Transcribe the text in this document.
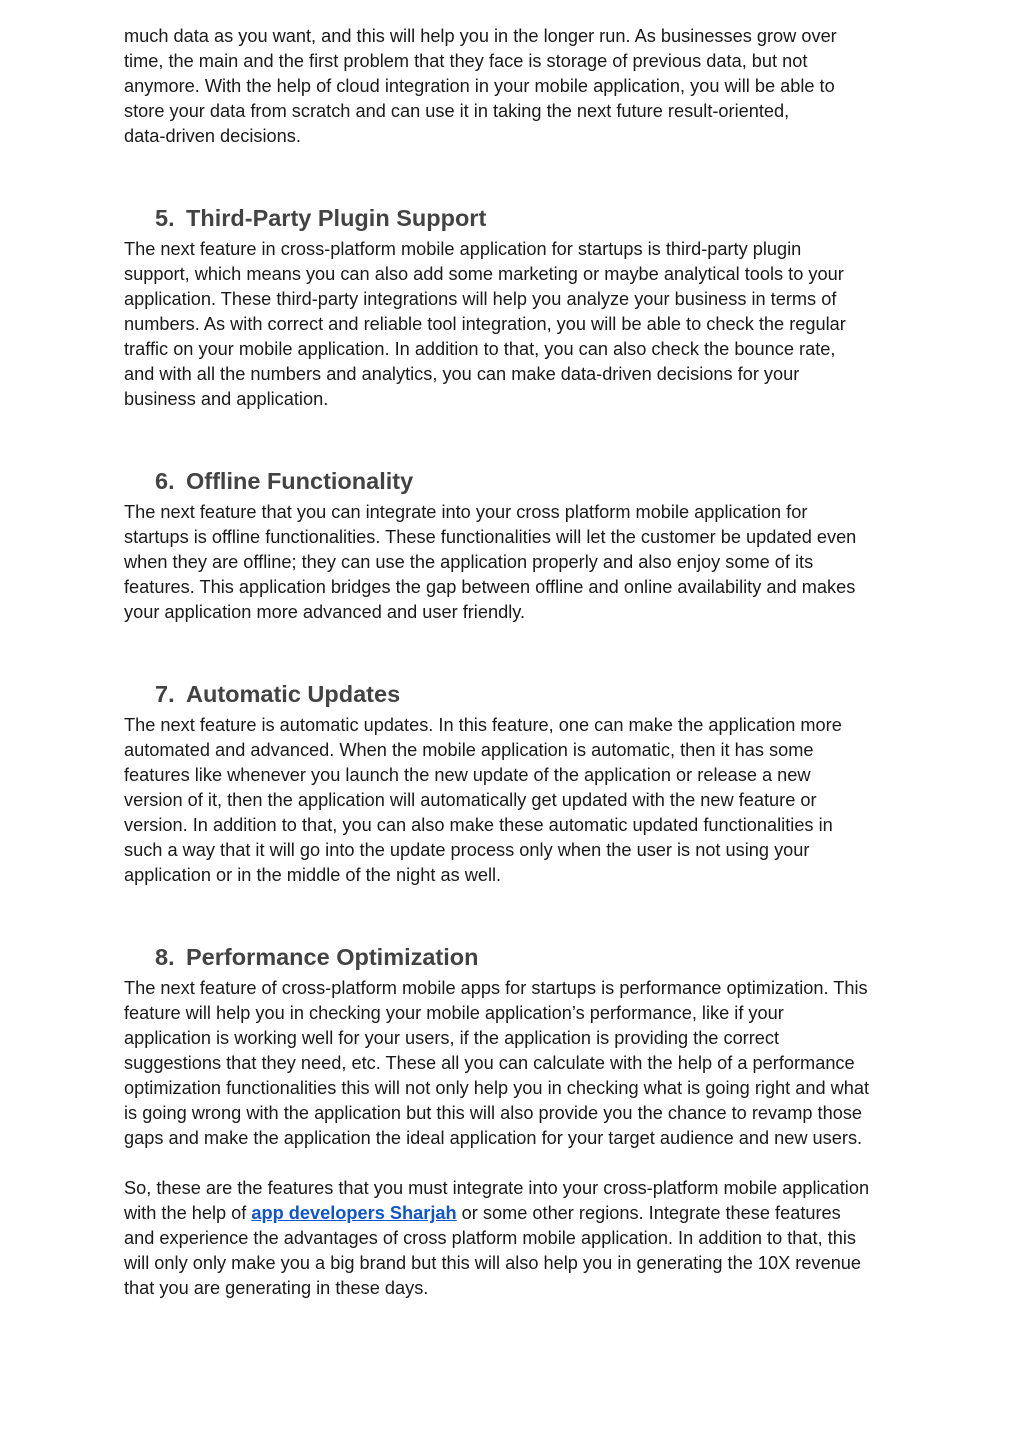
much data as you want, and this will help you in the longer run. As businesses grow over
time, the main and the first problem that they face is storage of previous data, but not
anymore. With the help of cloud integration in your mobile application, you will be able to
store your data from scratch and can use it in taking the next future result-oriented,
data-driven decisions.

5. Third-Party Plugin Support

The next feature in cross-platform mobile application for startups is third-party plugin
support, which means you can also add some marketing or maybe analytical tools to your
application. These third-party integrations will help you analyze your business in terms of
numbers. As with correct and reliable tool integration, you will be able to check the regular
traffic on your mobile application. In addition to that, you can also check the bounce rate,
and with all the numbers and analytics, you can make data-driven decisions for your
business and application.

6. Offline Functionality

The next feature that you can integrate into your cross platform mobile application for
startups is offline functionalities. These functionalities will let the customer be updated even
when they are offline; they can use the application properly and also enjoy some of its
features. This application bridges the gap between offline and online availability and makes
your application more advanced and user friendly.

7. Automatic Updates

The next feature is automatic updates. In this feature, one can make the application more
automated and advanced. When the mobile application is automatic, then it has some
features like whenever you launch the new update of the application or release a new
version of it, then the application will automatically get updated with the new feature or
version. In addition to that, you can also make these automatic updated functionalities in
such a way that it will go into the update process only when the user is not using your
application or in the middle of the night as well.

8. Performance Optimization

The next feature of cross-platform mobile apps for startups is performance optimization. This
feature will help you in checking your mobile application’s performance, like if your
application is working well for your users, if the application is providing the correct
suggestions that they need, etc. These all you can calculate with the help of a performance
optimization functionalities this will not only help you in checking what is going right and what
is going wrong with the application but this will also provide you the chance to revamp those
gaps and make the application the ideal application for your target audience and new users.

So, these are the features that you must integrate into your cross-platform mobile application
with the help of app developers Sharjah or some other regions. Integrate these features
and experience the advantages of cross platform mobile application. In addition to that, this
will only only make you a big brand but this will also help you in generating the 10X revenue
that you are generating in these days.
